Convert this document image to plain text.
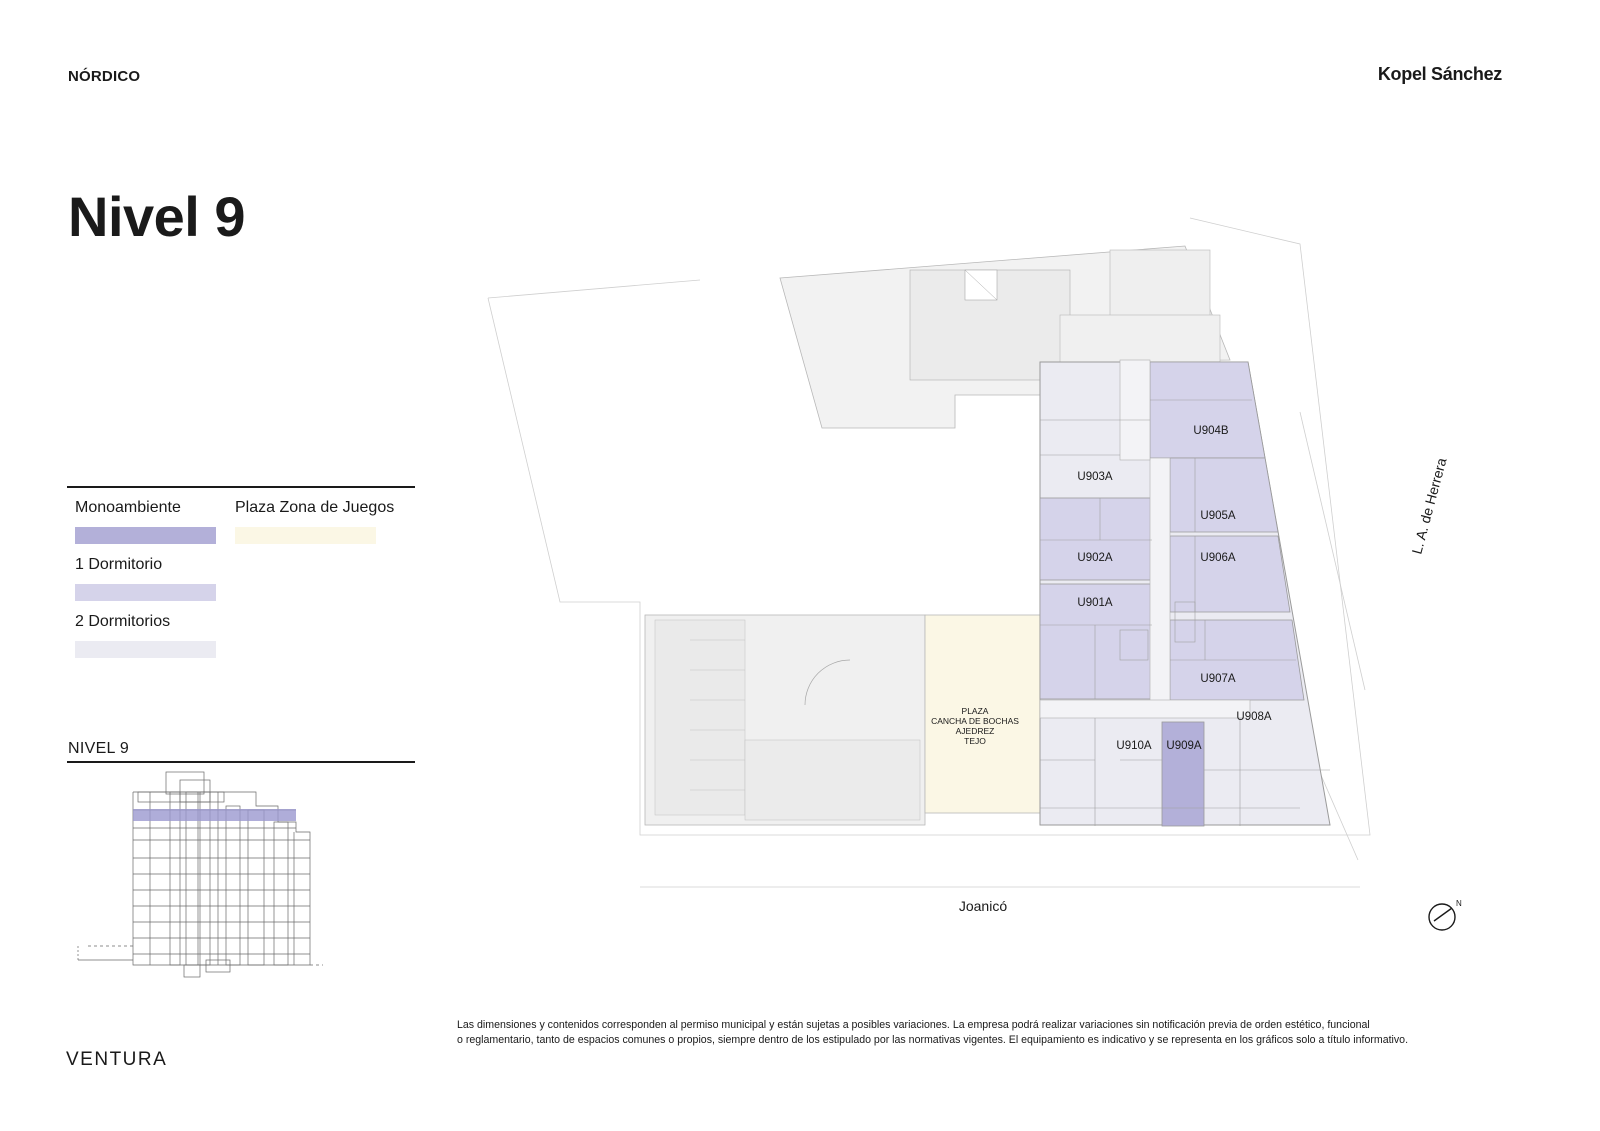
NÓRDICO	Kopel Sánchez
Nivel 9
Monoambiente
1 Dormitorio
2 Dormitorios
Plaza Zona de Juegos
NIVEL 9
U904B
U903A
U905A
U902A	U906A
U901A
U907A
U908A
U910A U909A
PLAZA
CANCHA DE BOCHAS
AJEDREZ
TEJO
Joanicó
L. A. de Herrera
N
VENTURA
Las dimensiones y contenidos corresponden al permiso municipal y están sujetas a posibles variaciones. La empresa podrá realizar variaciones sin notificación previa de orden estético, funcional
o reglamentario, tanto de espacios comunes o propios, siempre dentro de los estipulado por las normativas vigentes. El equipamiento es indicativo y se representa en los gráficos solo a título informativo.
